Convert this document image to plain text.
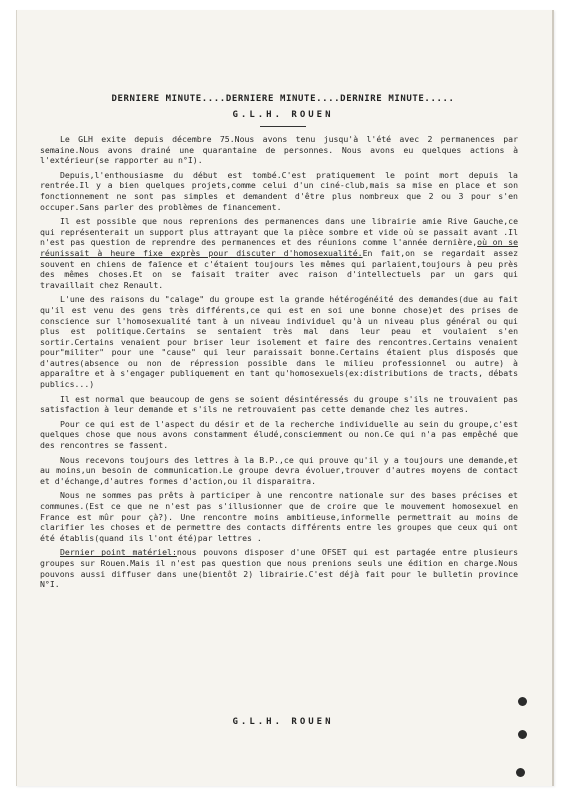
DERNIERE MINUTE....DERNIERE MINUTE....DERNIRE MINUTE.....
G.L.H. ROUEN

Le GLH exite depuis décembre 75.Nous avons tenu jusqu'à l'été avec 2 permanences par semaine.Nous avons drainé une quarantaine de personnes. Nous avons eu quelques actions à l'extérieur(se rapporter au n°I).

Depuis,l'enthousiasme du début est tombé.C'est pratiquement le point mort depuis la rentrée.Il y a bien quelques projets,comme celui d'un ciné-club,mais sa mise en place et son fonctionnement ne sont pas simples et demandent d'être plus nombreux que 2 ou 3 pour s'en occuper.Sans parler des problèmes de financement.

Il est possible que nous reprenions des permanences dans une librairie amie Rive Gauche,ce qui représenterait un support plus attrayant que la pièce sombre et vide où se passait avant .Il n'est pas question de reprendre des permanences et des réunions comme l'année dernière,où on se réunissait à heure fixe exprès pour discuter d'homosexualité.En fait,on se regardait assez souvent en chiens de faïence et c'étaient toujours les mêmes qui parlaient,toujours à peu près des mêmes choses.Et on se faisait traiter avec raison d'intellectuels par un gars qui travaillait chez Renault.

L'une des raisons du "calage" du groupe est la grande hétérogénéité des demandes(due au fait qu'il est venu des gens très différents,ce qui est en soi une bonne chose)et des prises de conscience sur l'homosexualité tant à un niveau individuel qu'à un niveau plus général ou qui plus est politique.Certains se sentaient très mal dans leur peau et voulaient s'en sortir.Certains venaient pour briser leur isolement et faire des rencontres.Certains venaient pour"militer" pour une "cause" qui leur paraissait bonne.Certains étaient plus disposés que d'autres(absence ou non de répression possible dans le milieu professionnel ou autre) à apparaître et à s'engager publiquement en tant qu'homosexuels(ex:distributions de tracts, débats publics...)

Il est normal que beaucoup de gens se soient désintéressés du groupe s'ils ne trouvaient pas satisfaction à leur demande et s'ils ne retrouvaient pas cette demande chez les autres.

Pour ce qui est de l'aspect du désir et de la recherche individuelle au sein du groupe,c'est quelques chose que nous avons constamment éludé,consciemment ou non.Ce qui n'a pas empêché que des rencontres se fassent.

Nous recevons toujours des lettres à la B.P.,ce qui prouve qu'il y a toujours une demande,et au moins,un besoin de communication.Le groupe devra évoluer,trouver d'autres moyens de contact et d'échange,d'autres formes d'action,ou il disparaitra.

Nous ne sommes pas prêts à participer à une rencontre nationale sur des bases précises et communes.(Est ce que ne n'est pas s'illusionner que de croire que le mouvement homosexuel en France est mûr pour çà?). Une rencontre moins ambitieuse,informelle permettrait au moins de clarifier les choses et de permettre des contacts différents entre les groupes que ceux qui ont été établis(quand ils l'ont été)par lettres .

Dernier point matériel:nous pouvons disposer d'une OFSET qui est partagée entre plusieurs groupes sur Rouen.Mais il n'est pas question que nous prenions seuls une édition en charge.Nous pouvons aussi diffuser dans une(bientôt 2) librairie.C'est déjà fait pour le bulletin province N°I.

G.L.H. ROUEN
